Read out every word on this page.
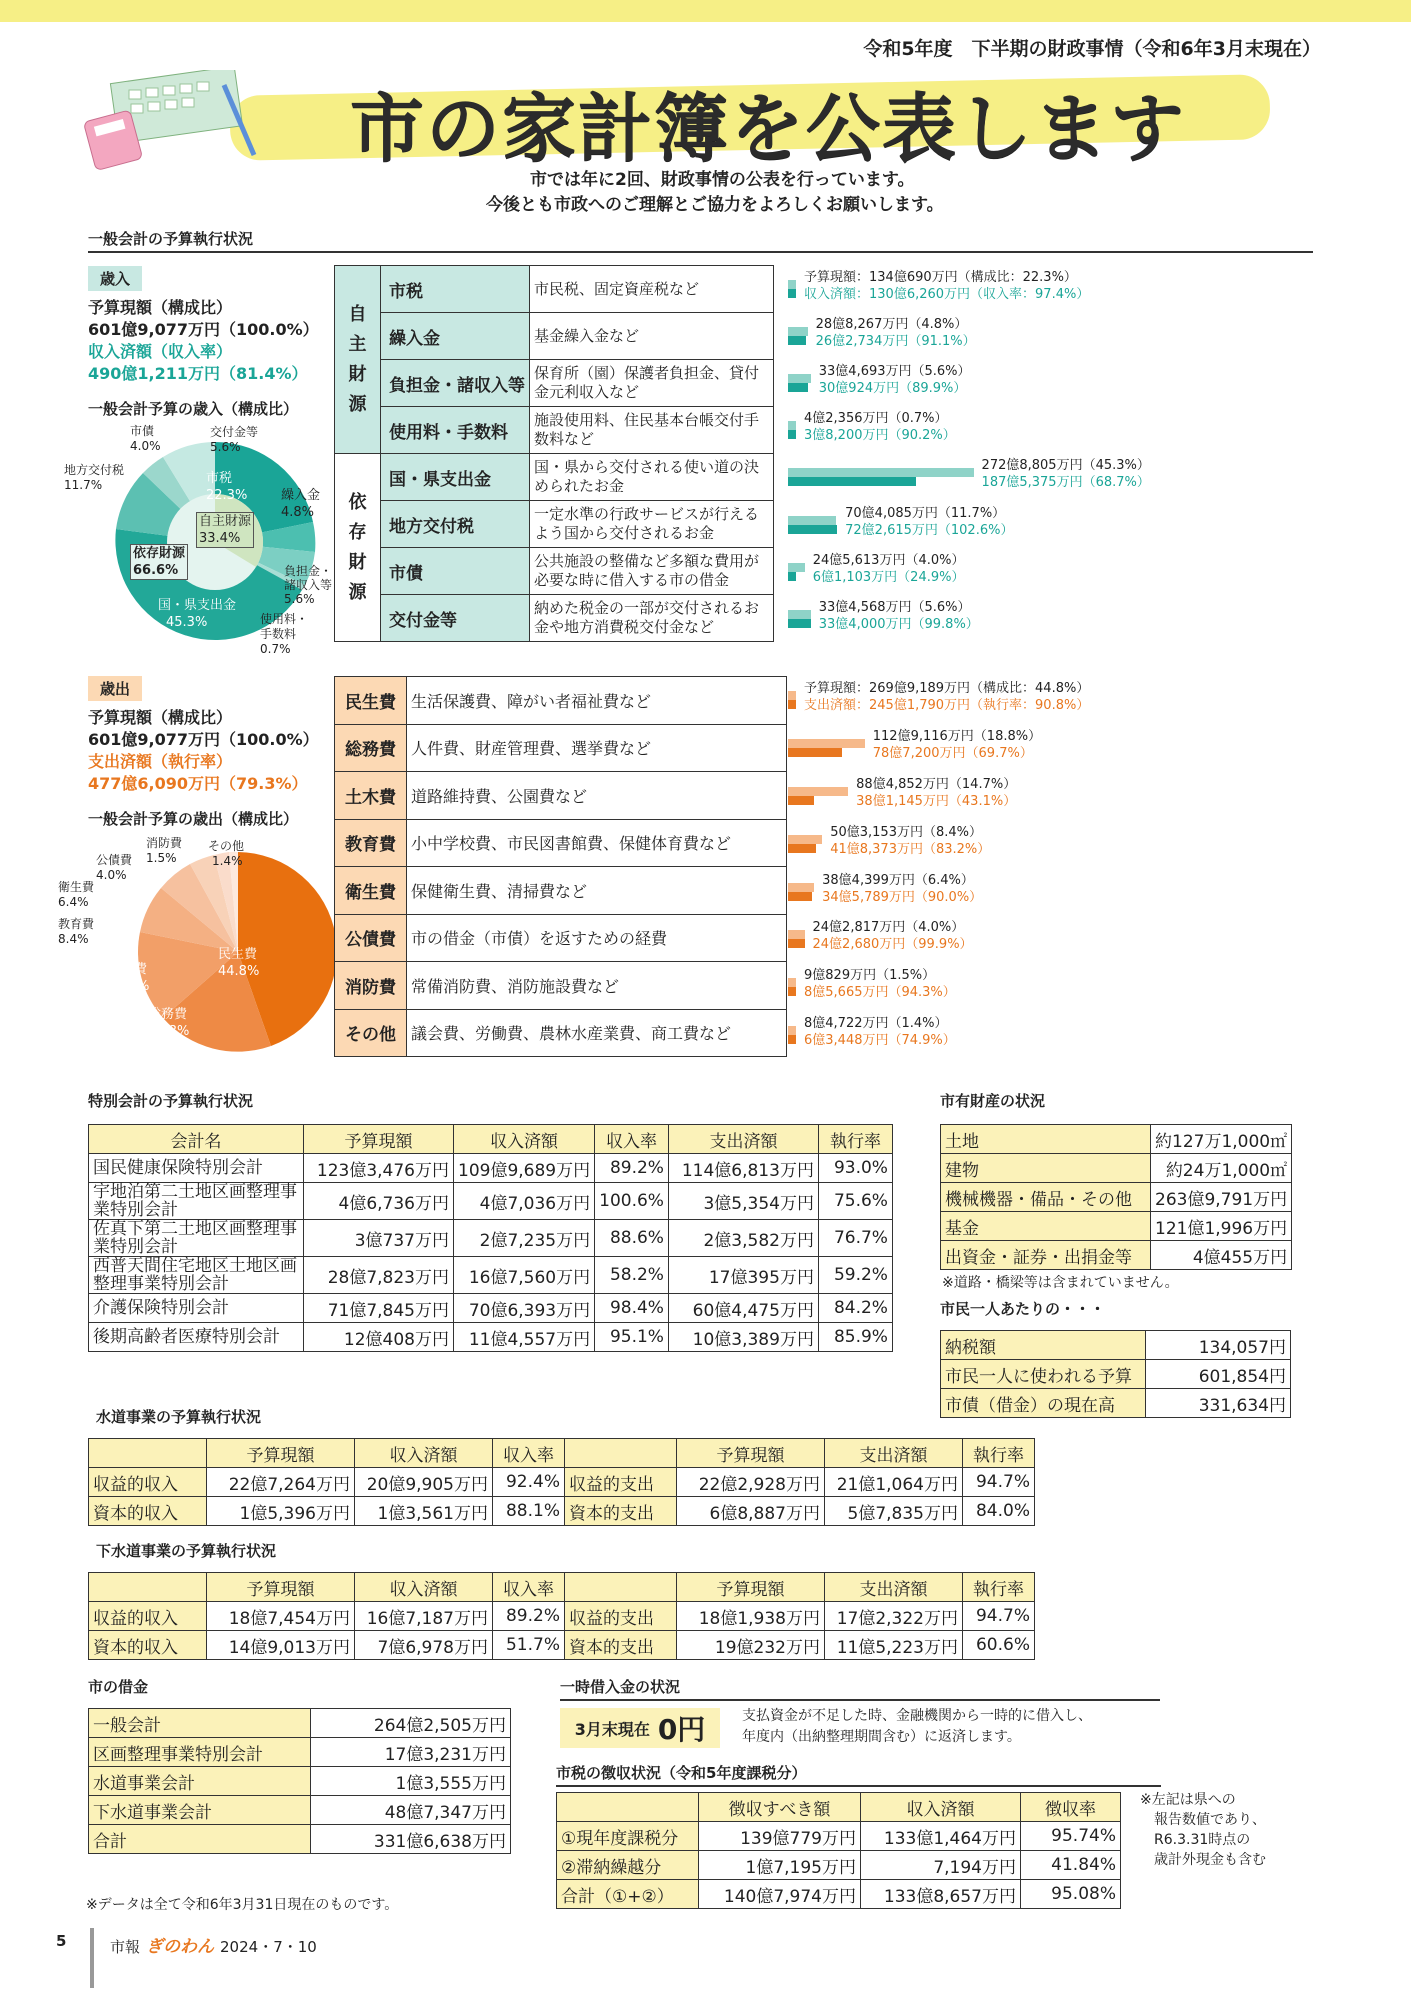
令和5年度　下半期の財政事情（令和6年3月末現在）
市の家計簿を公表します
市では年に2回、財政事情の公表を行っています。
今後とも市政へのご理解とご協力をよろしくお願いします。
一般会計の予算執行状況
歳入
予算現額（構成比）
601億9,077万円（100.0%）
収入済額（収入率）
490億1,211万円（81.4%）
一般会計予算の歳入（構成比）
市税
22.3%
自主財源
33.4%
依存財源
66.6%
国・県支出金
45.3%
繰入金
4.8%
負担金・
諸収入等
5.6%
使用料・
手数料
0.7%
地方交付税
11.7%
市債
4.0%
交付金等
5.6%
自
主
財
源	市税	市民税、固定資産税など
	繰入金	基金繰入金など
	負担金・諸収入等	保育所（園）保護者負担金、貸付金元利収入など
	使用料・手数料	施設使用料、住民基本台帳交付手数料など

依
存
財
源	国・県支出金	国・県から交付される使い道の決められたお金
	地方交付税	一定水準の行政サービスが行えるよう国から交付されるお金
	市債	公共施設の整備など多額な費用が必要な時に借入する市の借金
	交付金等	納めた税金の一部が交付されるお金や地方消費税交付金など
予算現額：134億690万円（構成比：22.3%）
収入済額：130億6,260万円（収入率：97.4%）
28億8,267万円（4.8%）
26億2,734万円（91.1%）
33億4,693万円（5.6%）
30億924万円（89.9%）
4億2,356万円（0.7%）
3億8,200万円（90.2%）
272億8,805万円（45.3%）
187億5,375万円（68.7%）
70億4,085万円（11.7%）
72億2,615万円（102.6%）
24億5,613万円（4.0%）
6億1,103万円（24.9%）
33億4,568万円（5.6%）
33億4,000万円（99.8%）
歳出
予算現額（構成比）
601億9,077万円（100.0%）
支出済額（執行率）
477億6,090万円（79.3%）
一般会計予算の歳出（構成比）
民生費
44.8%
総務費
18.8%
土木費
14.7%
教育費
8.4%
衛生費
6.4%
公債費
4.0%
消防費
1.5%
その他
1.4%
民生費	生活保護費、障がい者福祉費など
総務費	人件費、財産管理費、選挙費など
土木費	道路維持費、公園費など
教育費	小中学校費、市民図書館費、保健体育費など
衛生費	保健衛生費、清掃費など
公債費	市の借金（市債）を返すための経費
消防費	常備消防費、消防施設費など
その他	議会費、労働費、農林水産業費、商工費など
予算現額：269億9,189万円（構成比：44.8%）
支出済額：245億1,790万円（執行率：90.8%）
112億9,116万円（18.8%）
78億7,200万円（69.7%）
88億4,852万円（14.7%）
38億1,145万円（43.1%）
50億3,153万円（8.4%）
41億8,373万円（83.2%）
38億4,399万円（6.4%）
34億5,789万円（90.0%）
24億2,817万円（4.0%）
24億2,680万円（99.9%）
9億829万円（1.5%）
8億5,665万円（94.3%）
8億4,722万円（1.4%）
6億3,448万円（74.9%）
特別会計の予算執行状況
会計名	予算現額	収入済額	収入率	支出済額	執行率
国民健康保険特別会計	123億3,476万円	109億9,689万円	89.2%	114億6,813万円	93.0%
宇地泊第二土地区画整理事業特別会計	4億6,736万円	4億7,036万円	100.6%	3億5,354万円	75.6%
佐真下第二土地区画整理事業特別会計	3億737万円	2億7,235万円	88.6%	2億3,582万円	76.7%
西普天間住宅地区土地区画整理事業特別会計	28億7,823万円	16億7,560万円	58.2%	17億395万円	59.2%
介護保険特別会計	71億7,845万円	70億6,393万円	98.4%	60億4,475万円	84.2%
後期高齢者医療特別会計	12億408万円	11億4,557万円	95.1%	10億3,389万円	85.9%
市有財産の状況
土地	約127万1,000㎡
建物	約24万1,000㎡
機械機器・備品・その他	263億9,791万円
基金	121億1,996万円
出資金・証券・出捐金等	4億455万円
※道路・橋梁等は含まれていません。
市民一人あたりの・・・
納税額	134,057円
市民一人に使われる予算	601,854円
市債（借金）の現在高	331,634円
水道事業の予算執行状況
	予算現額	収入済額	収入率		予算現額	支出済額	執行率
収益的収入	22億7,264万円	20億9,905万円	92.4%	収益的支出	22億2,928万円	21億1,064万円	94.7%
資本的収入	1億5,396万円	1億3,561万円	88.1%	資本的支出	6億8,887万円	5億7,835万円	84.0%
下水道事業の予算執行状況
	予算現額	収入済額	収入率		予算現額	支出済額	執行率
収益的収入	18億7,454万円	16億7,187万円	89.2%	収益的支出	18億1,938万円	17億2,322万円	94.7%
資本的収入	14億9,013万円	7億6,978万円	51.7%	資本的支出	19億232万円	11億5,223万円	60.6%
市の借金
一般会計	264億2,505万円
区画整理事業特別会計	17億3,231万円
水道事業会計	1億3,555万円
下水道事業会計	48億7,347万円
合計	331億6,638万円
一時借入金の状況
3月末現在 0円	支払資金が不足した時、金融機関から一時的に借入し、
年度内（出納整理期間含む）に返済します。
市税の徴収状況（令和5年度課税分）
	徴収すべき額	収入済額	徴収率
①現年度課税分	139億779万円	133億1,464万円	95.74%
②滞納繰越分	1億7,195万円	7,194万円	41.84%
合計（①+②）	140億7,974万円	133億8,657万円	95.08%
※左記は県への
報告数値であり、
R6.3.31時点の
歳計外現金も含む
※データは全て令和6年3月31日現在のものです。
5	市報 ぎのわん 2024・7・10
